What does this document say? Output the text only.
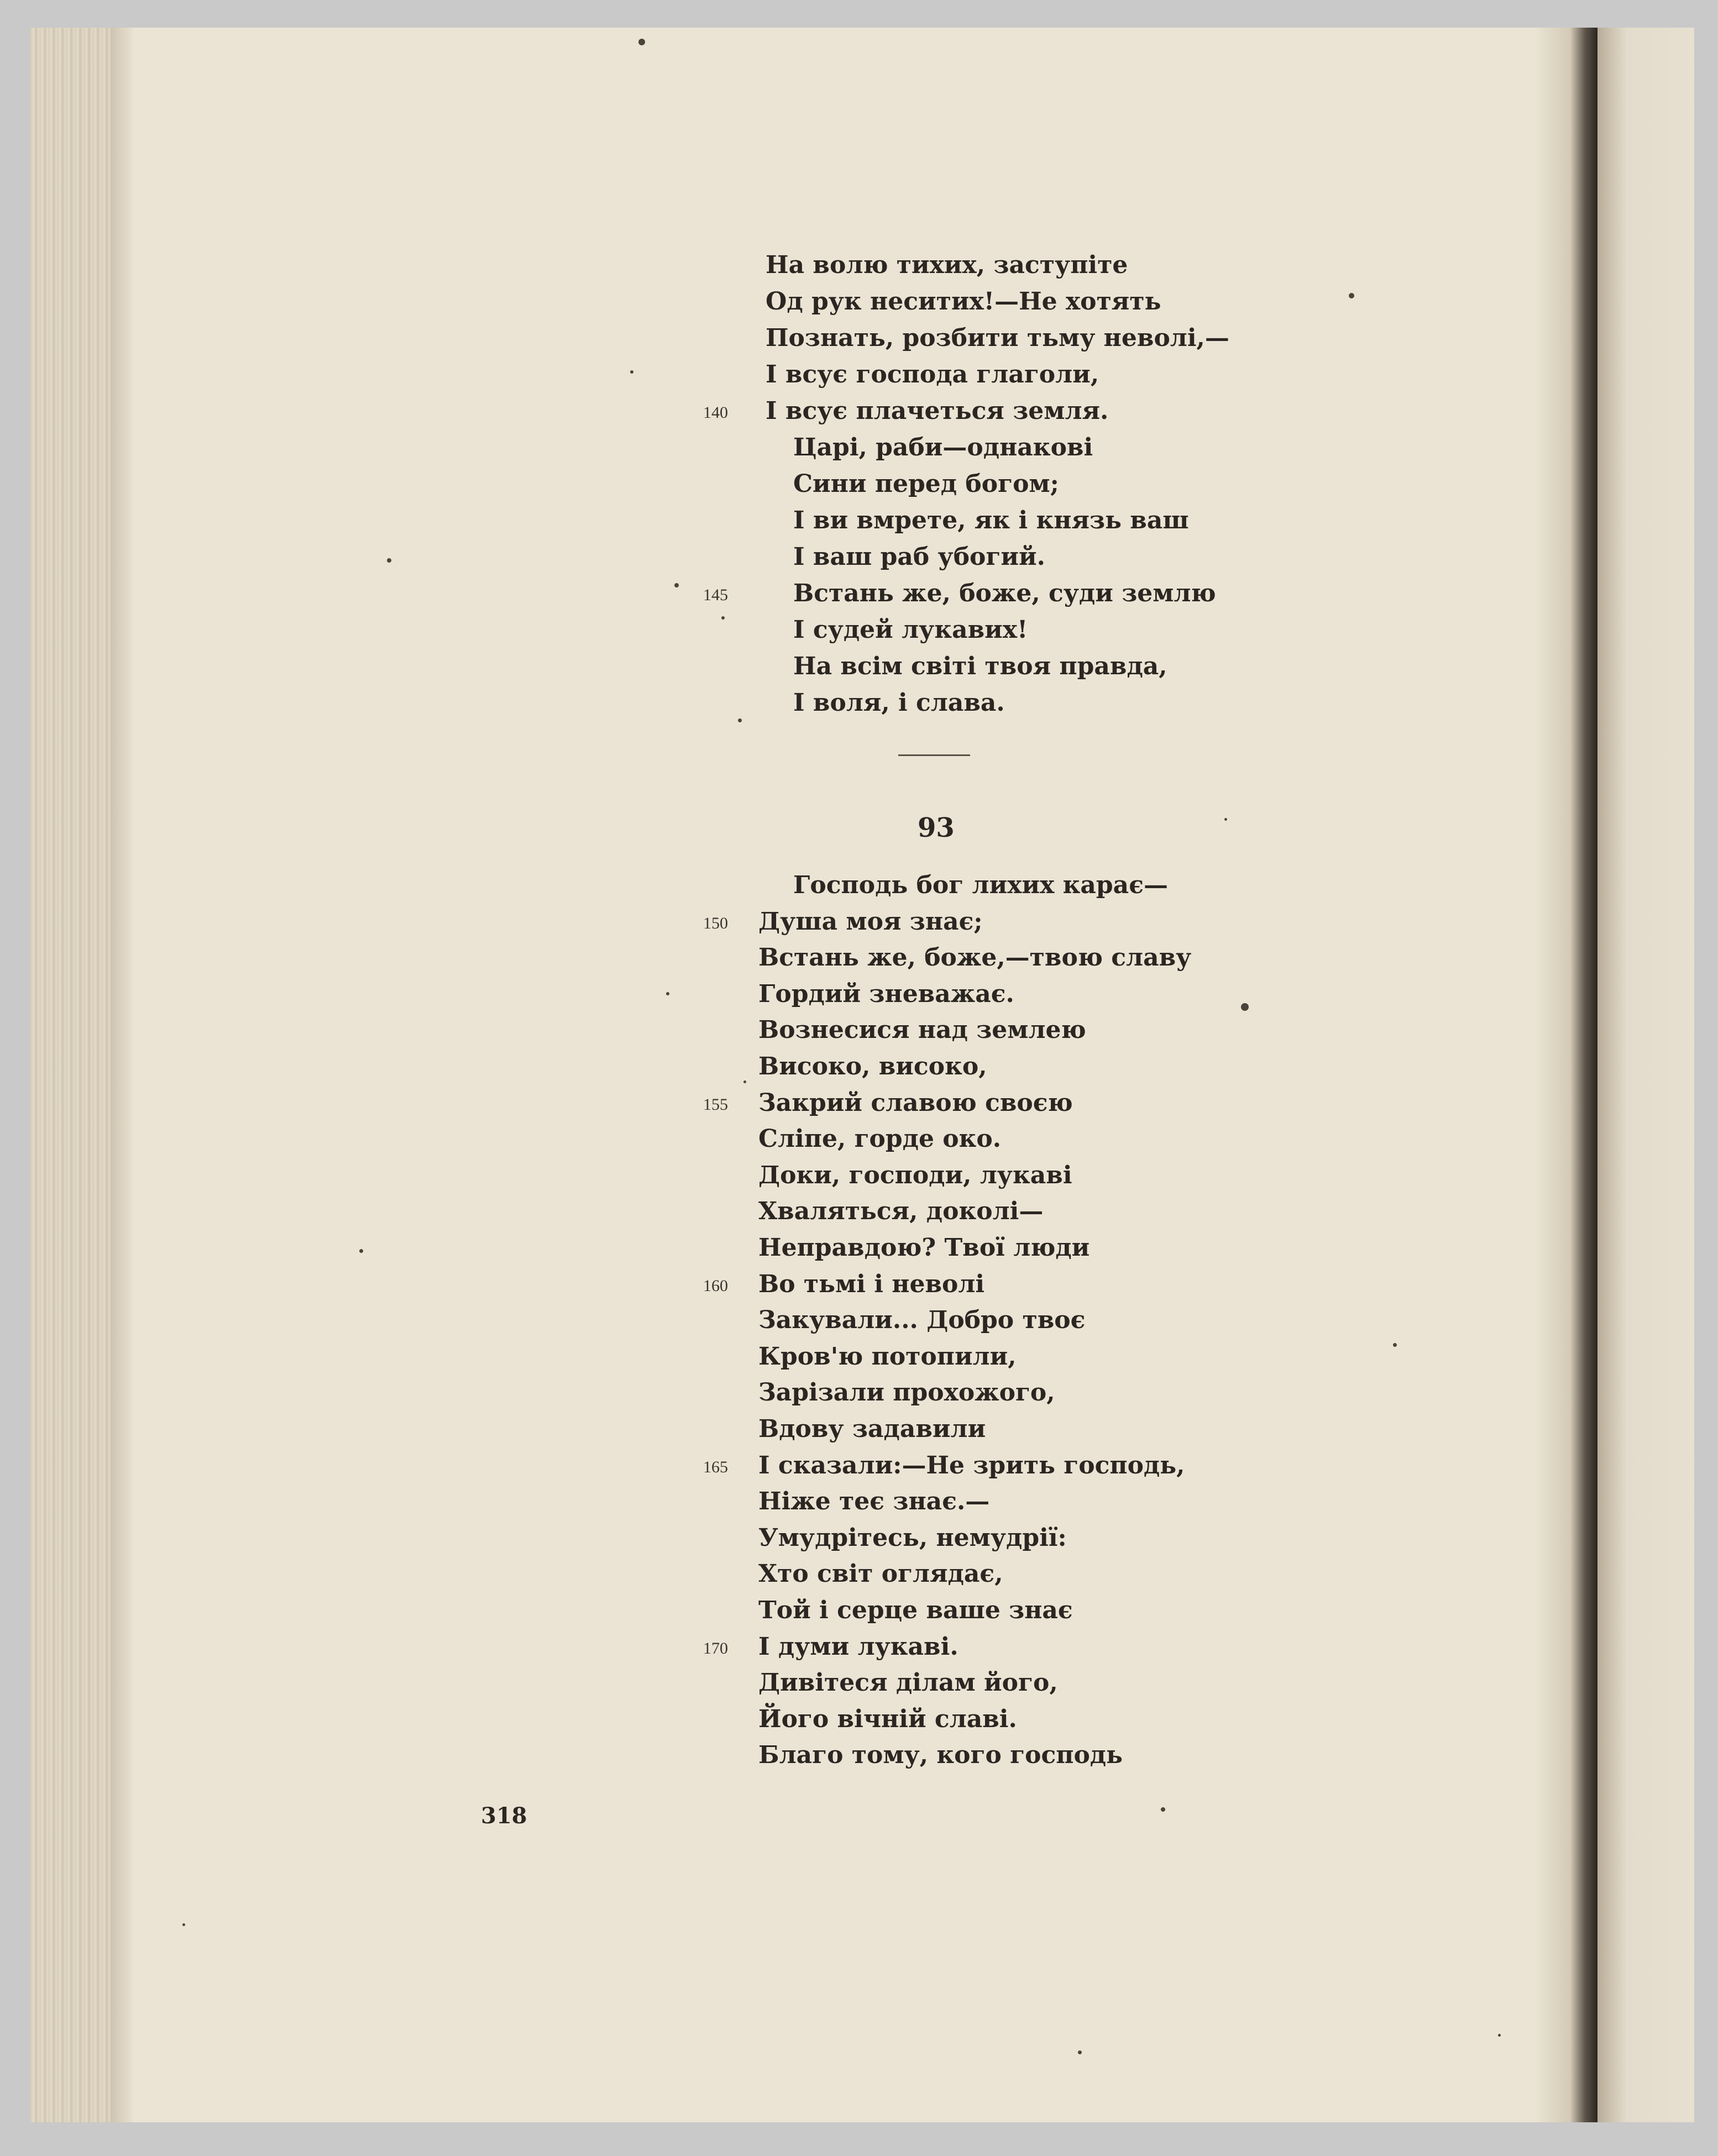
На волю тихих, заступіте
Од рук неситих!—Не хотять
Познать, розбити тьму неволі,—
І всує господа глаголи,
І всує плачеться земля.
140
Царі, раби—однакові
Сини перед богом;
І ви вмрете, як і князь ваш
І ваш раб убогий.
Встань же, боже, суди землю
145
І судей лукавих!
На всім світі твоя правда,
І воля, і слава.
93
Господь бог лихих карає—
Душа моя знає;
150
Встань же, боже,—твою славу
Гордий зневажає.
Вознесися над землею
Високо, високо,
Закрий славою своєю
155
Сліпе, горде око.
Доки, господи, лукаві
Хваляться, доколі—
Неправдою? Твої люди
Во тьмі і неволі
160
Закували... Добро твоє
Кров'ю потопили,
Зарізали прохожого,
Вдову задавили
І сказали:—Не зрить господь,
165
Ніже теє знає.—
Умудрітесь, немудрії:
Хто світ оглядає,
Той і серце ваше знає
І думи лукаві.
170
Дивітеся ділам його,
Його вічній славі.
Благо тому, кого господь
318
